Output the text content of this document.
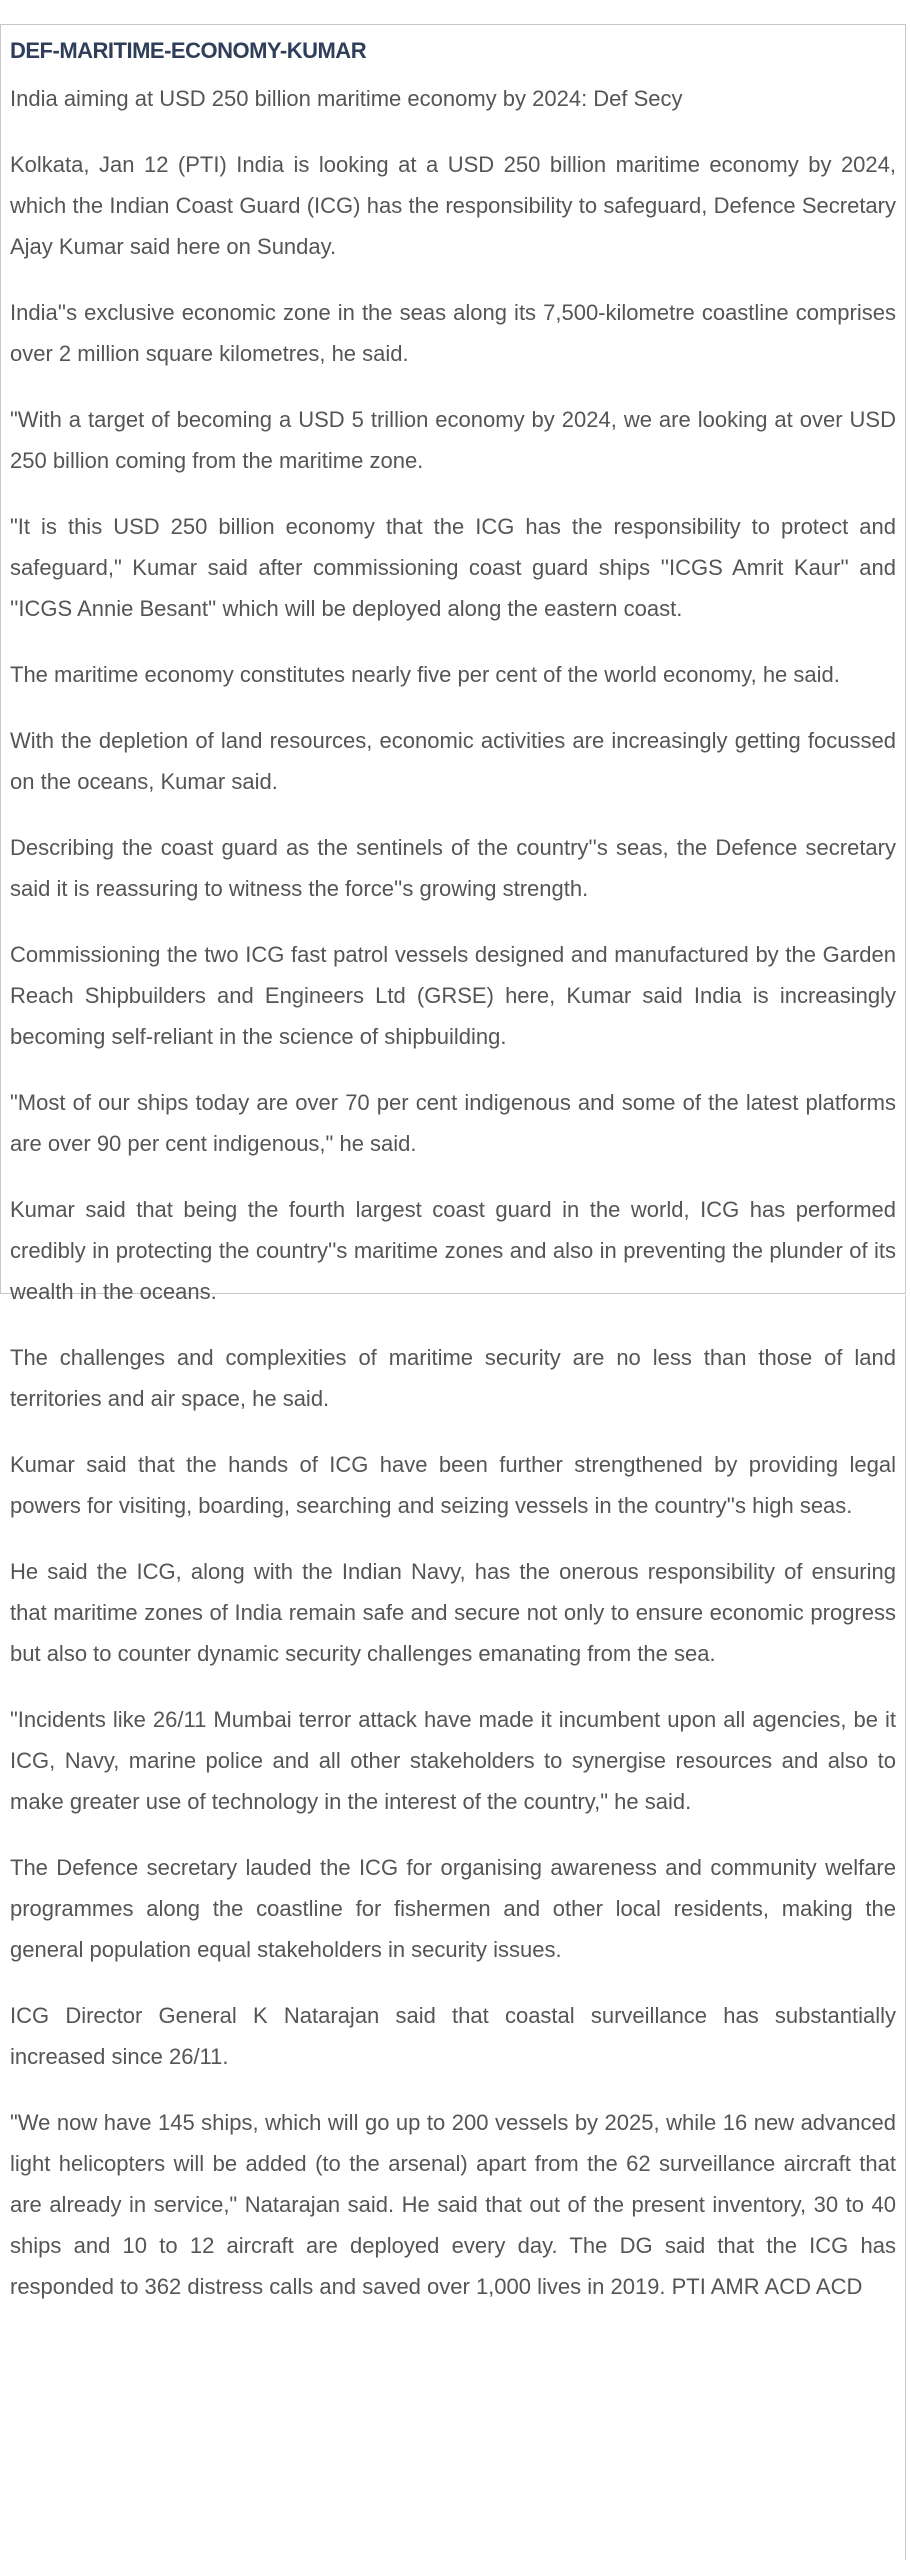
DEF-MARITIME-ECONOMY-KUMAR
India aiming at USD 250 billion maritime economy by 2024: Def Secy

Kolkata, Jan 12 (PTI) India is looking at a USD 250 billion maritime economy by 2024, which the Indian Coast Guard (ICG) has the responsibility to safeguard, Defence Secretary Ajay Kumar said here on Sunday.

India''s exclusive economic zone in the seas along its 7,500-kilometre coastline comprises over 2 million square kilometres, he said.

"With a target of becoming a USD 5 trillion economy by 2024, we are looking at over USD 250 billion coming from the maritime zone.

"It is this USD 250 billion economy that the ICG has the responsibility to protect and safeguard," Kumar said after commissioning coast guard ships ''ICGS Amrit Kaur'' and ''ICGS Annie Besant'' which will be deployed along the eastern coast.

The maritime economy constitutes nearly five per cent of the world economy, he said.

With the depletion of land resources, economic activities are increasingly getting focussed on the oceans, Kumar said.

Describing the coast guard as the sentinels of the country''s seas, the Defence secretary said it is reassuring to witness the force''s growing strength.

Commissioning the two ICG fast patrol vessels designed and manufactured by the Garden Reach Shipbuilders and Engineers Ltd (GRSE) here, Kumar said India is increasingly becoming self-reliant in the science of shipbuilding.

"Most of our ships today are over 70 per cent indigenous and some of the latest platforms are over 90 per cent indigenous," he said.

Kumar said that being the fourth largest coast guard in the world, ICG has performed credibly in protecting the country''s maritime zones and also in preventing the plunder of its wealth in the oceans.

The challenges and complexities of maritime security are no less than those of land territories and air space, he said.

Kumar said that the hands of ICG have been further strengthened by providing legal powers for visiting, boarding, searching and seizing vessels in the country''s high seas.

He said the ICG, along with the Indian Navy, has the onerous responsibility of ensuring that maritime zones of India remain safe and secure not only to ensure economic progress but also to counter dynamic security challenges emanating from the sea.

"Incidents like 26/11 Mumbai terror attack have made it incumbent upon all agencies, be it ICG, Navy, marine police and all other stakeholders to synergise resources and also to make greater use of technology in the interest of the country," he said.

The Defence secretary lauded the ICG for organising awareness and community welfare programmes along the coastline for fishermen and other local residents, making the general population equal stakeholders in security issues.

ICG Director General K Natarajan said that coastal surveillance has substantially increased since 26/11.

"We now have 145 ships, which will go up to 200 vessels by 2025, while 16 new advanced light helicopters will be added (to the arsenal) apart from the 62 surveillance aircraft that are already in service," Natarajan said. He said that out of the present inventory, 30 to 40 ships and 10 to 12 aircraft are deployed every day. The DG said that the ICG has responded to 362 distress calls and saved over 1,000 lives in 2019. PTI AMR ACD ACD
